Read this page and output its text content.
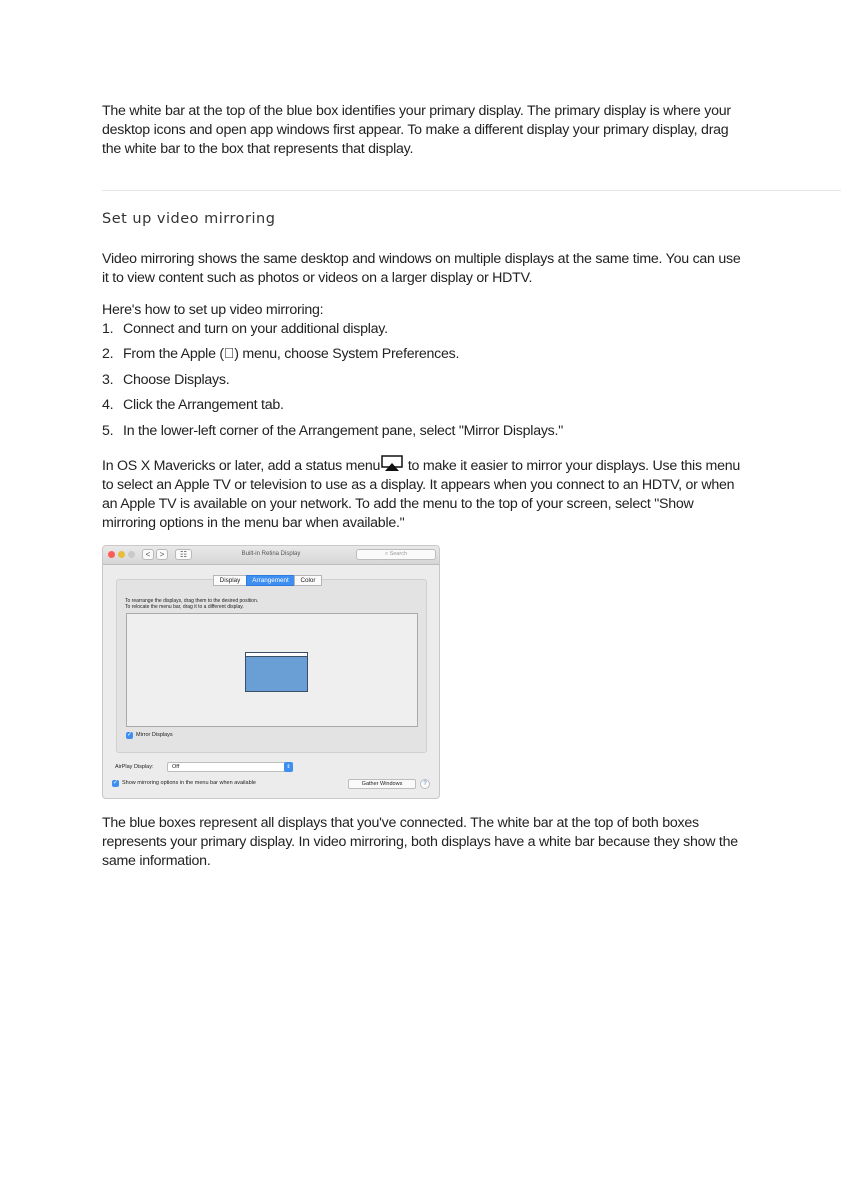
The white bar at the top of the blue box identifies your primary display. The primary display is where your desktop icons and open app windows first appear. To make a different display your primary display, drag the white bar to the box that represents that display.

Set up video mirroring

Video mirroring shows the same desktop and windows on multiple displays at the same time. You can use it to view content such as photos or videos on a larger display or HDTV.

Here's how to set up video mirroring:

1. Connect and turn on your additional display.
2. From the Apple ( ) menu, choose System Preferences.
3. Choose Displays.
4. Click the Arrangement tab.
5. In the lower-left corner of the Arrangement pane, select "Mirror Displays."

In OS X Mavericks or later, add a status menu to make it easier to mirror your displays. Use this menu to select an Apple TV or television to use as a display. It appears when you connect to an HDTV, or when an Apple TV is available on your network. To add the menu to the top of your screen, select "Show mirroring options in the menu bar when available."

<	>	☷	Built-in Retina Display	⌕ Search
Display	Arrangement	Color
To rearrange the displays, drag them to the desired position.
To relocate the menu bar, drag it to a different display.
✓ Mirror Displays
AirPlay Display:	Off	⇕
✓ Show mirroring options in the menu bar when available	Gather Windows	?

The blue boxes represent all displays that you've connected. The white bar at the top of both boxes represents your primary display. In video mirroring, both displays have a white bar because they show the same information.
